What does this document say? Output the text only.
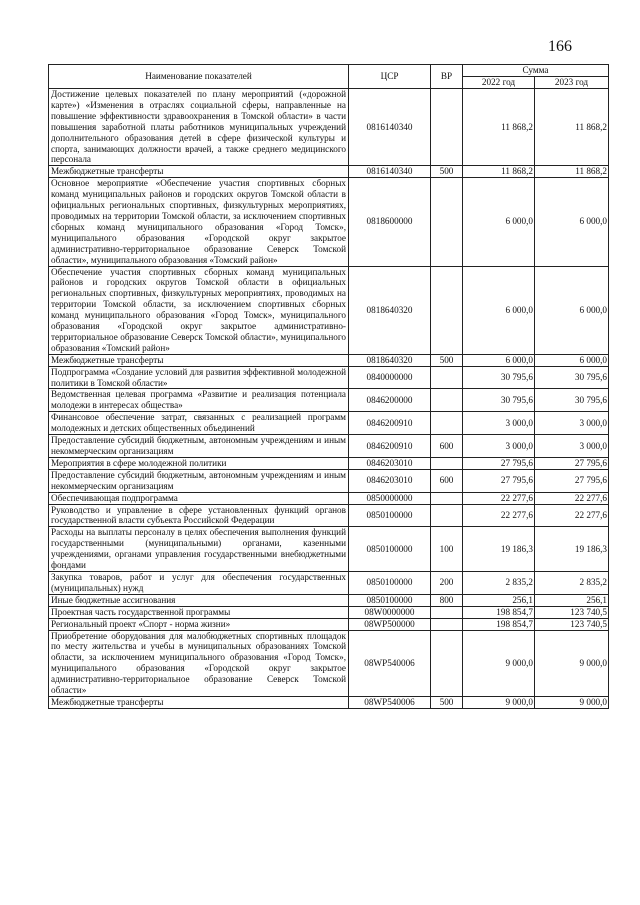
166
Наименование показателей	ЦСР	ВР	Сумма	
			2022 год	2023 год
Достижение целевых показателей по плану мероприятий («дорожной карте») «Изменения в отраслях социальной сферы, направленные на повышение эффективности здравоохранения в Томской области» в части повышения заработной платы работников муниципальных учреждений дополнительного образования детей в сфере физической культуры и спорта, занимающих должности врачей, а также среднего медицинского персонала	0816140340		11 868,2	11 868,2
Межбюджетные трансферты	0816140340	500	11 868,2	11 868,2
Основное мероприятие «Обеспечение участия спортивных сборных команд муниципальных районов и городских округов Томской области в официальных региональных спортивных, физкультурных мероприятиях, проводимых на территории Томской области, за исключением спортивных сборных команд муниципального образования «Город Томск», муниципального образования «Городской округ закрытое административно-территориальное образование Северск Томской области», муниципального образования «Томский район»	0818600000		6 000,0	6 000,0
Обеспечение участия спортивных сборных команд муниципальных районов и городских округов Томской области в официальных региональных спортивных, физкультурных мероприятиях, проводимых на территории Томской области, за исключением спортивных сборных команд муниципального образования «Город Томск», муниципального образования «Городской округ закрытое административно-территориальное образование Северск Томской области», муниципального образования «Томский район»	0818640320		6 000,0	6 000,0
Межбюджетные трансферты	0818640320	500	6 000,0	6 000,0
Подпрограмма «Создание условий для развития эффективной молодежной политики в Томской области»	0840000000		30 795,6	30 795,6
Ведомственная целевая программа «Развитие и реализация потенциала молодежи в интересах общества»	0846200000		30 795,6	30 795,6
Финансовое обеспечение затрат, связанных с реализацией программ молодежных и детских общественных объединений	0846200910		3 000,0	3 000,0
Предоставление субсидий бюджетным, автономным учреждениям и иным некоммерческим организациям	0846200910	600	3 000,0	3 000,0
Мероприятия в сфере молодежной политики	0846203010		27 795,6	27 795,6
Предоставление субсидий бюджетным, автономным учреждениям и иным некоммерческим организациям	0846203010	600	27 795,6	27 795,6
Обеспечивающая подпрограмма	0850000000		22 277,6	22 277,6
Руководство и управление в сфере установленных функций органов государственной власти субъекта Российской Федерации	0850100000		22 277,6	22 277,6
Расходы на выплаты персоналу в целях обеспечения выполнения функций государственными (муниципальными) органами, казенными учреждениями, органами управления государственными внебюджетными фондами	0850100000	100	19 186,3	19 186,3
Закупка товаров, работ и услуг для обеспечения государственных (муниципальных) нужд	0850100000	200	2 835,2	2 835,2
Иные бюджетные ассигнования	0850100000	800	256,1	256,1
Проектная часть государственной программы	08W0000000		198 854,7	123 740,5
Региональный проект «Спорт - норма жизни»	08WP500000		198 854,7	123 740,5
Приобретение оборудования для малобюджетных спортивных площадок по месту жительства и учебы в муниципальных образованиях Томской области, за исключением муниципального образования «Город Томск», муниципального образования «Городской округ закрытое административно-территориальное образование Северск Томской области»	08WP540006		9 000,0	9 000,0
Межбюджетные трансферты	08WP540006	500	9 000,0	9 000,0
